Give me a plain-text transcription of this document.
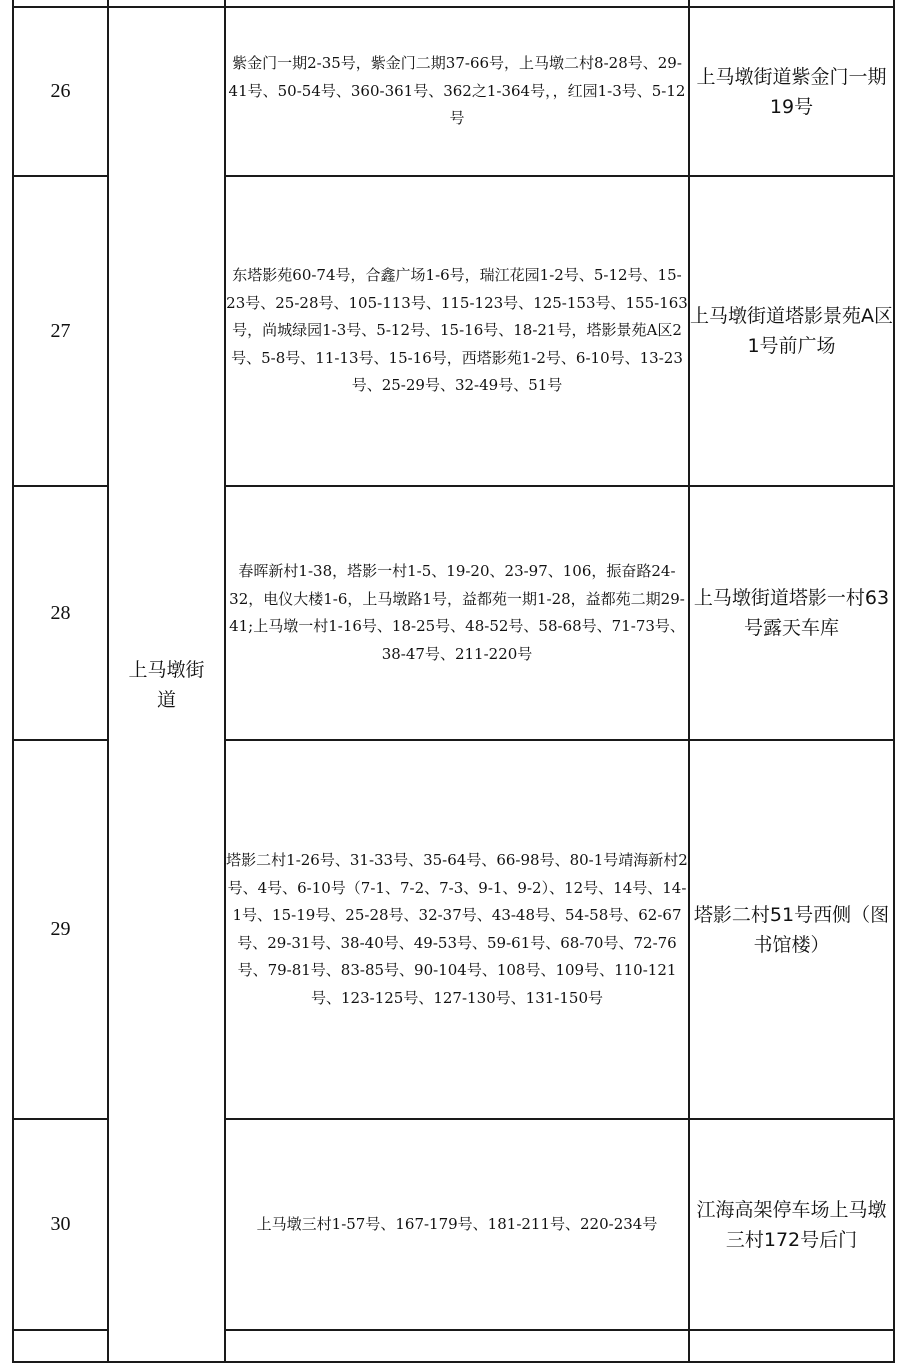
26	上马墩街道	紫金门一期2-35号，紫金门二期37-66号，上马墩二村8-28号、29-41号、50-54号、360-361号、362之1-364号，，红园1-3号、5-12号	上马墩街道紫金门一期19号
27		东塔影苑60-74号，合鑫广场1-6号，瑞江花园1-2号、5-12号、15-23号、25-28号、105-113号、115-123号、125-153号、155-163号，尚城绿园1-3号、5-12号、15-16号、18-21号，塔影景苑A区2号、5-8号、11-13号、15-16号，西塔影苑1-2号、6-10号、13-23号、25-29号、32-49号、51号	上马墩街道塔影景苑A区1号前广场
28		春晖新村1-38，塔影一村1-5、19-20、23-97、106，振奋路24-32，电仪大楼1-6，上马墩路1号，益都苑一期1-28，益都苑二期29-41;上马墩一村1-16号、18-25号、48-52号、58-68号、71-73号、38-47号、211-220号	上马墩街道塔影一村63号露天车库
29		塔影二村1-26号、31-33号、35-64号、66-98号、80-1号靖海新村2号、4号、6-10号（7-1、7-2、7-3、9-1、9-2）、12号、14号、14-1号、15-19号、25-28号、32-37号、43-48号、54-58号、62-67号、29-31号、38-40号、49-53号、59-61号、68-70号、72-76号、79-81号、83-85号、90-104号、108号、109号、110-121号、123-125号、127-130号、131-150号	塔影二村51号西侧（图书馆楼）
30		上马墩三村1-57号、167-179号、181-211号、220-234号	江海高架停车场上马墩三村172号后门
